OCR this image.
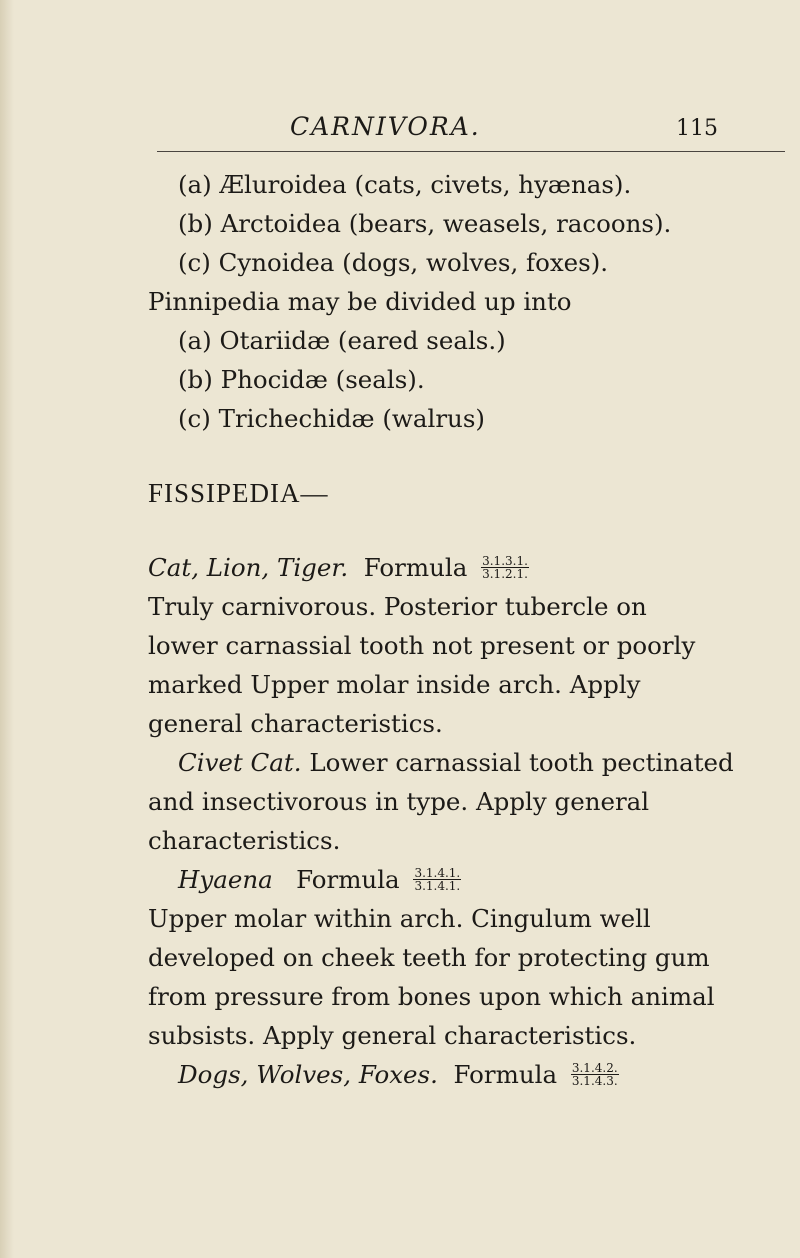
CARNIVORA.	115
(a) Æluroidea (cats, civets, hyænas).
(b) Arctoidea (bears, weasels, racoons).
(c) Cynoidea (dogs, wolves, foxes).
Pinnipedia may be divided up into
(a) Otariidæ (eared seals.)
(b) Phocidæ (seals).
(c) Trichechidæ (walrus)
FISSIPEDIA—
Cat, Lion, Tiger. Formula $\frac{3.1.3.1.}{3.1.2.1.}$
Truly carnivorous. Posterior tubercle on
lower carnassial tooth not present or poorly
marked Upper molar inside arch. Apply
general characteristics.
Civet Cat. Lower carnassial tooth pectinated
and insectivorous in type. Apply general
characteristics.
Hyaena Formula $\frac{3.1.4.1.}{3.1.4.1.}$
Upper molar within arch. Cingulum well
developed on cheek teeth for protecting gum
from pressure from bones upon which animal
subsists. Apply general characteristics.
Dogs, Wolves, Foxes. Formula $\frac{3.1.4.2.}{3.1.4.3.}$
